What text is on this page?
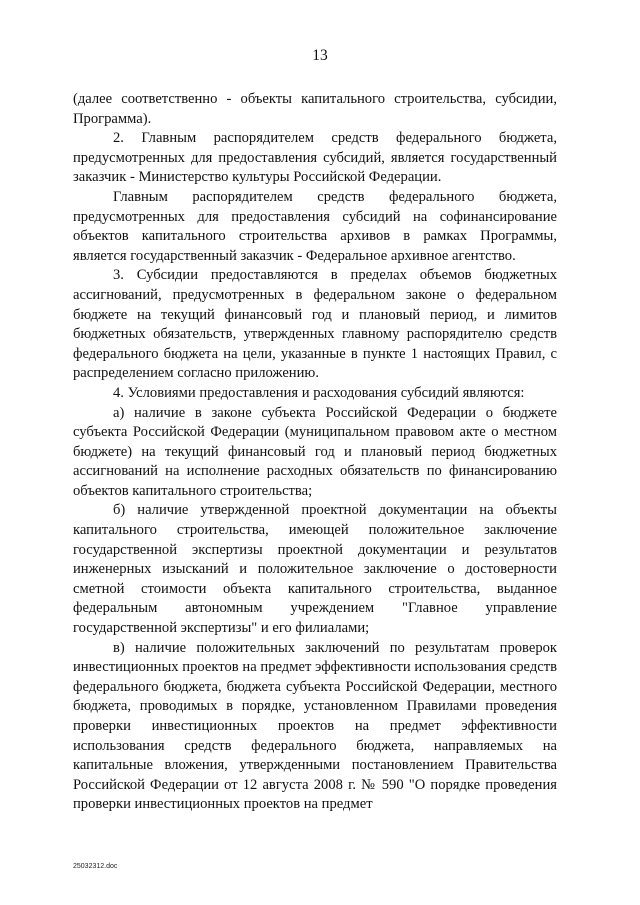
13

(далее соответственно - объекты капитального строительства, субсидии, Программа).

2. Главным распорядителем средств федерального бюджета, предусмотренных для предоставления субсидий, является государственный заказчик - Министерство культуры Российской Федерации.

Главным распорядителем средств федерального бюджета, предусмотренных для предоставления субсидий на софинансирование объектов капитального строительства архивов в рамках Программы, является государственный заказчик - Федеральное архивное агентство.

3. Субсидии предоставляются в пределах объемов бюджетных ассигнований, предусмотренных в федеральном законе о федеральном бюджете на текущий финансовый год и плановый период, и лимитов бюджетных обязательств, утвержденных главному распорядителю средств федерального бюджета на цели, указанные в пункте 1 настоящих Правил, с распределением согласно приложению.

4. Условиями предоставления и расходования субсидий являются:

а) наличие в законе субъекта Российской Федерации о бюджете субъекта Российской Федерации (муниципальном правовом акте о местном бюджете) на текущий финансовый год и плановый период бюджетных ассигнований на исполнение расходных обязательств по финансированию объектов капитального строительства;

б) наличие утвержденной проектной документации на объекты капитального строительства, имеющей положительное заключение государственной экспертизы проектной документации и результатов инженерных изысканий и положительное заключение о достоверности сметной стоимости объекта капитального строительства, выданное федеральным автономным учреждением "Главное управление государственной экспертизы" и его филиалами;

в) наличие положительных заключений по результатам проверок инвестиционных проектов на предмет эффективности использования средств федерального бюджета, бюджета субъекта Российской Федерации, местного бюджета, проводимых в порядке, установленном Правилами проведения проверки инвестиционных проектов на предмет эффективности использования средств федерального бюджета, направляемых на капитальные вложения, утвержденными постановлением Правительства Российской Федерации от 12 августа 2008 г. № 590 "О порядке проведения проверки инвестиционных проектов на предмет

25032312.doc
